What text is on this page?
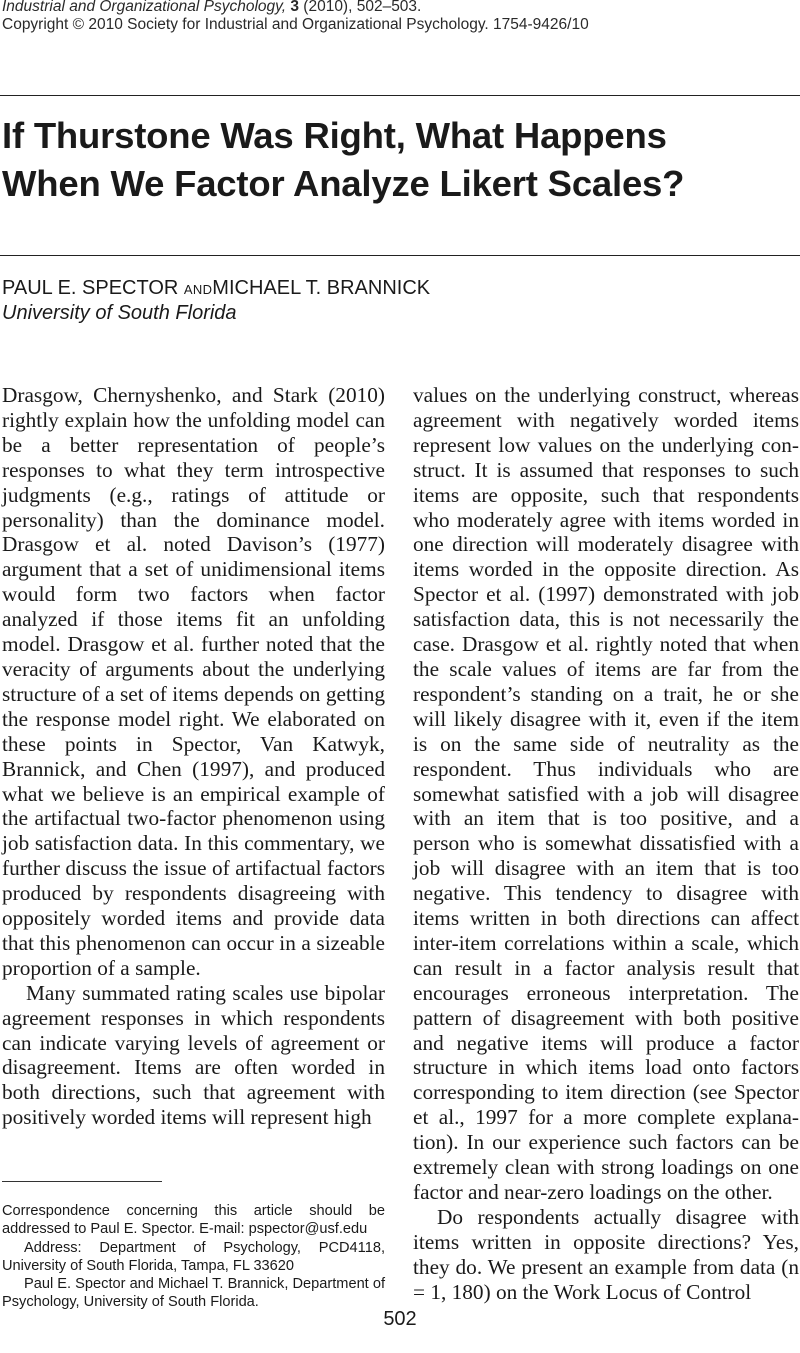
Industrial and Organizational Psychology, 3 (2010), 502–503.
Copyright © 2010 Society for Industrial and Organizational Psychology. 1754-9426/10
If Thurstone Was Right, What Happens
When We Factor Analyze Likert Scales?
PAUL E. SPECTOR ANDMICHAEL T. BRANNICK
University of South Florida

Drasgow, Chernyshenko, and Stark (2010) rightly explain how the unfolding model can be a better representation of people’s responses to what they term introspective judgments (e.g., ratings of attitude or personality) than the dominance model. Drasgow et al. noted Davison’s (1977) argument that a set of unidimensional items would form two factors when factor analyzed if those items fit an unfolding model. Drasgow et al. further noted that the veracity of arguments about the underlying structure of a set of items depends on getting the response model right. We elaborated on these points in Spector, Van Katwyk, Brannick, and Chen (1997), and produced what we believe is an empirical example of the artifactual two-factor phenomenon using job satisfaction data. In this commentary, we further discuss the issue of artifactual factors produced by respondents disagreeing with oppositely worded items and provide data that this phenomenon can occur in a sizeable proportion of a sample.

Many summated rating scales use bipolar agreement responses in which respondents can indicate varying levels of agreement or disagreement. Items are often worded in both directions, such that agreement with positively worded items will represent high

values on the underlying construct, whereas agreement with negatively worded items represent low values on the underlying construct. It is assumed that responses to such items are opposite, such that respondents who moderately agree with items worded in one direction will moderately disagree with items worded in the opposite direction. As Spector et al. (1997) demonstrated with job satisfaction data, this is not necessarily the case. Drasgow et al. rightly noted that when the scale values of items are far from the respondent’s standing on a trait, he or she will likely disagree with it, even if the item is on the same side of neutrality as the respondent. Thus individuals who are somewhat satisfied with a job will disagree with an item that is too positive, and a person who is somewhat dissatisfied with a job will disagree with an item that is too negative. This tendency to disagree with items written in both directions can affect inter-item correlations within a scale, which can result in a factor analysis result that encourages erroneous interpretation. The pattern of disagreement with both positive and negative items will produce a factor structure in which items load onto factors corresponding to item direction (see Spector et al., 1997 for a more complete explanation). In our experience such factors can be extremely clean with strong loadings on one factor and near-zero loadings on the other.

Do respondents actually disagree with items written in opposite directions? Yes, they do. We present an example from data (n = 1, 180) on the Work Locus of Control

Correspondence concerning this article should be addressed to Paul E. Spector. E-mail: pspector@usf.edu

Address: Department of Psychology, PCD4118, University of South Florida, Tampa, FL 33620

Paul E. Spector and Michael T. Brannick, Department of Psychology, University of South Florida.

502
